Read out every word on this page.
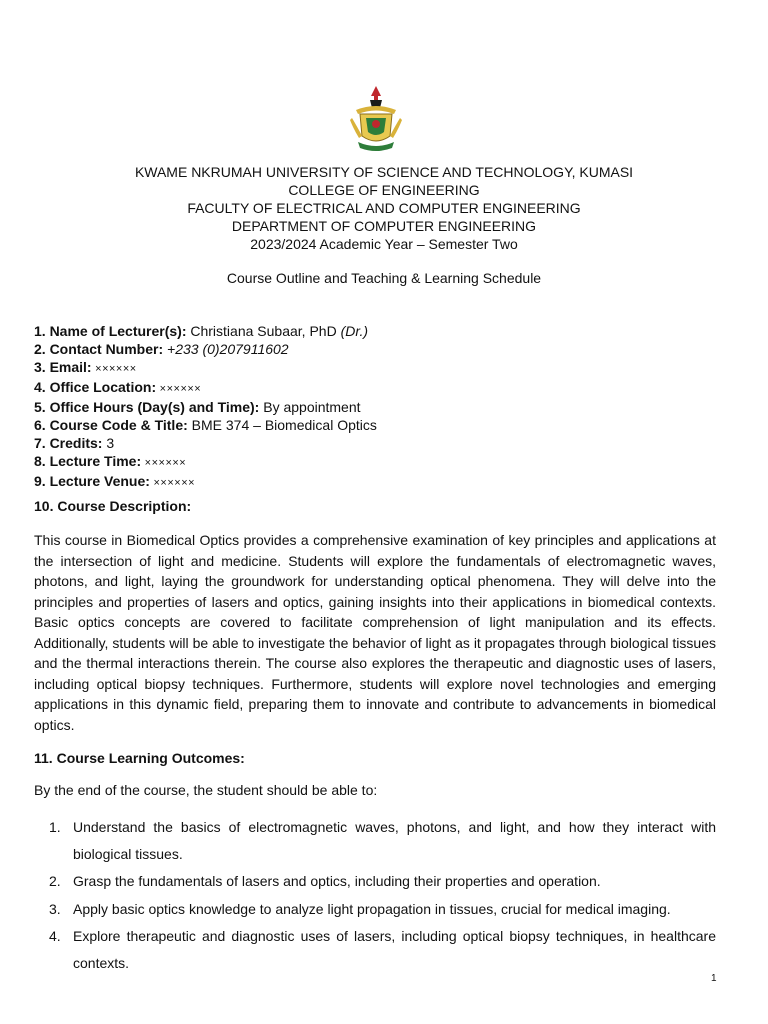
KWAME NKRUMAH UNIVERSITY OF SCIENCE AND TECHNOLOGY, KUMASI
COLLEGE OF ENGINEERING
FACULTY OF ELECTRICAL AND COMPUTER ENGINEERING
DEPARTMENT OF COMPUTER ENGINEERING
2023/2024 Academic Year – Semester Two
Course Outline and Teaching & Learning Schedule
1. Name of Lecturer(s): Christiana Subaar, PhD (Dr.)
2. Contact Number: +233 (0)207911602
3. Email: ××××××
4. Office Location: ××××××
5. Office Hours (Day(s) and Time): By appointment
6. Course Code & Title: BME 374 – Biomedical Optics
7. Credits: 3
8. Lecture Time: ××××××
9. Lecture Venue: ××××××
10. Course Description:

This course in Biomedical Optics provides a comprehensive examination of key principles and applications at the intersection of light and medicine. Students will explore the fundamentals of electromagnetic waves, photons, and light, laying the groundwork for understanding optical phenomena. They will delve into the principles and properties of lasers and optics, gaining insights into their applications in biomedical contexts. Basic optics concepts are covered to facilitate comprehension of light manipulation and its effects. Additionally, students will be able to investigate the behavior of light as it propagates through biological tissues and the thermal interactions therein. The course also explores the therapeutic and diagnostic uses of lasers, including optical biopsy techniques. Furthermore, students will explore novel technologies and emerging applications in this dynamic field, preparing them to innovate and contribute to advancements in biomedical optics.

11. Course Learning Outcomes:
By the end of the course, the student should be able to:
1. Understand the basics of electromagnetic waves, photons, and light, and how they interact with biological tissues.
2. Grasp the fundamentals of lasers and optics, including their properties and operation.
3. Apply basic optics knowledge to analyze light propagation in tissues, crucial for medical imaging.
4. Explore therapeutic and diagnostic uses of lasers, including optical biopsy techniques, in healthcare contexts.
1
